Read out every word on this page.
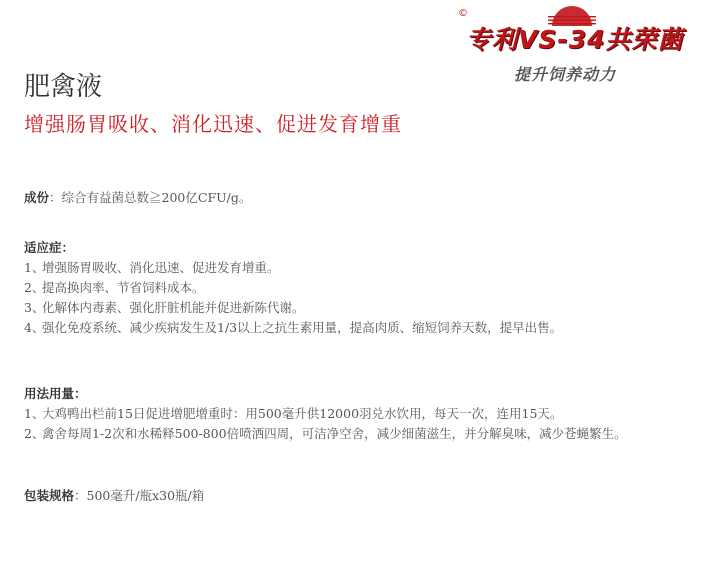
©
专利VS-34共荣菌
提升饲养动力
肥禽液
增强肠胃吸收、消化迅速、促进发育增重
成份：综合有益菌总数≧200亿CFU/g。
适应症：
1、
增强肠胃吸收、消化迅速、促进发育增重。
2、
提高换肉率、节省饲料成本。
3、
化解体内毒素、强化肝脏机能并促进新陈代谢。
4、
强化免疫系统、减少疾病发生及1/3以上之抗生素用量，提高肉质、缩短饲养天数，提早出售。
用法用量：
1、
大鸡鸭出栏前15日促进增肥增重时：用500毫升供12000羽兑水饮用，每天一次，连用15天。
2、
禽舍每周1-2次和水稀释500-800倍喷洒四周，可洁净空舍，减少细菌滋生，并分解臭味，减少苍蝇繁生。
包装规格：500毫升/瓶x30瓶/箱
